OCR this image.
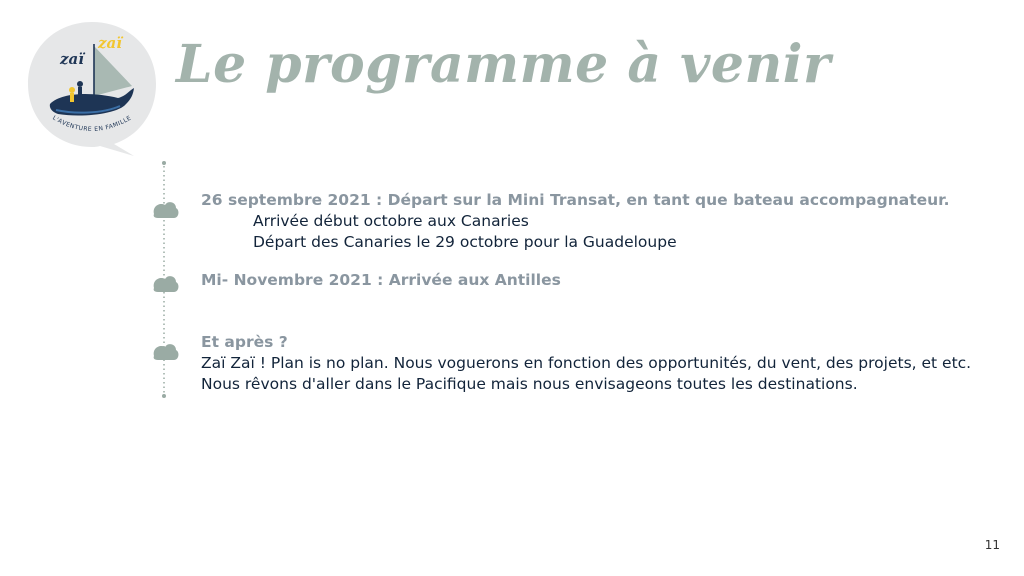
zaï
zaï
L'AVENTURE EN FAMILLE
Le programme à venir
26 septembre 2021 : Départ sur la Mini Transat, en tant que bateau accompagnateur.
Arrivée début octobre aux Canaries
Départ des Canaries le 29 octobre pour la Guadeloupe
Mi- Novembre 2021 : Arrivée aux Antilles
Et après ?
Zaï Zaï ! Plan is no plan. Nous voguerons en fonction des opportunités, du vent, des projets, et etc.
Nous rêvons d'aller dans le Pacifique mais nous envisageons toutes les destinations.
11
